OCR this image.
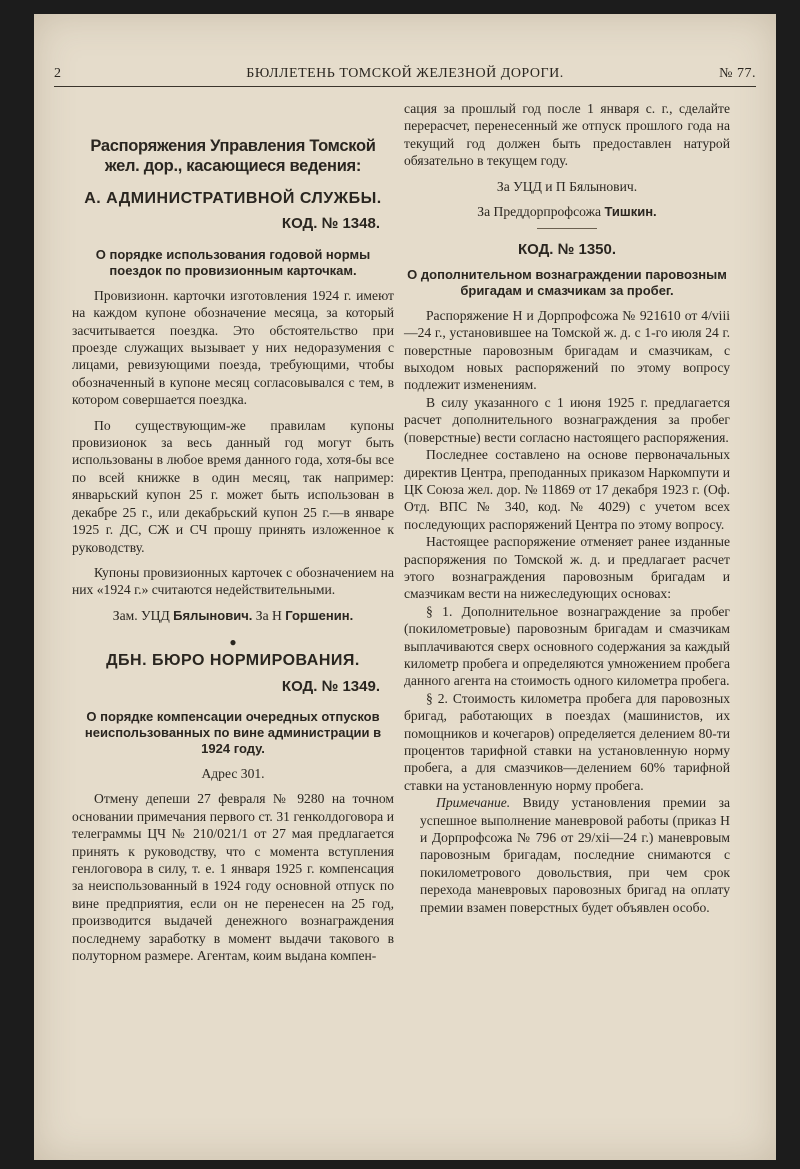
2	БЮЛЛЕТЕНЬ ТОМСКОЙ ЖЕЛЕЗНОЙ ДОРОГИ.	№ 77.
Распоряжения Управления Томской жел. дор., касающиеся ведения:
А. АДМИНИСТРАТИВНОЙ СЛУЖБЫ.
КОД. № 1348.
О порядке использования годовой нормы поездок по провизионным карточкам.

Провизионн. карточки изготовления 1924 г. имеют на каждом купоне обозначение месяца, за который засчитывается поездка. Это обстоятельство при проезде служащих вызывает у них недоразумения с лицами, ревизующими поезда, требующими, чтобы обозначенный в купоне месяц согласовывался с тем, в котором совершается поездка.

По существующим-же правилам купоны провизионок за весь данный год могут быть использованы в любое время данного года, хотя-бы все по всей книжке в один месяц, так например: январьский купон 25 г. может быть использован в декабре 25 г., или декабрьский купон 25 г.—в январе 1925 г. ДС, СЖ и СЧ прошу принять изложенное к руководству.

Купоны провизионных карточек с обозначением на них «1924 г.» считаются недействительными.

Зам. УЦД Бялынович. За Н Горшенин.
●
ДБН. БЮРО НОРМИРОВАНИЯ.
КОД. № 1349.
О порядке компенсации очередных отпусков неиспользованных по вине администрации в 1924 году.
Адрес 301.

Отмену депеши 27 февраля № 9280 на точном основании примечания первого ст. 31 генколдоговора и телеграммы ЦЧ № 210/021/1 от 27 мая предлагается принять к руководству, что с момента вступления генлоговора в силу, т. е. 1 января 1925 г. компенсация за неиспользованный в 1924 году основной отпуск по вине предприятия, если он не перенесен на 25 год, производится выдачей денежного вознаграждения последнему заработку в момент выдачи такового в полуторном размере. Агентам, коим выдана компен-

сация за прошлый год после 1 января с. г., сделайте перерасчет, перенесенный же отпуск прошлого года на текущий год должен быть предоставлен натурой обязательно в текущем году.

За УЦД и П Бялынович.
За Преддорпрофсожа Тишкин.
КОД. № 1350.
О дополнительном вознаграждении паровозным бригадам и смазчикам за пробег.

Распоряжение Н и Дорпрофсожа № 921610 от 4/viii—24 г., установившее на Томской ж. д. с 1-го июля 24 г. поверстные паровозным бригадам и смазчикам, с выходом новых распоряжений по этому вопросу подлежит изменениям.

В силу указанного с 1 июня 1925 г. предлагается расчет дополнительного вознаграждения за пробег (поверстные) вести согласно настоящего распоряжения.

Последнее составлено на основе первоначальных директив Центра, преподанных приказом Наркомпути и ЦК Союза жел. дор. № 11869 от 17 декабря 1923 г. (Оф. Отд. ВПС № 340, код. № 4029) с учетом всех последующих распоряжений Центра по этому вопросу.

Настоящее распоряжение отменяет ранее изданные распоряжения по Томской ж. д. и предлагает расчет этого вознаграждения паровозным бригадам и смазчикам вести на нижеследующих основах:

§ 1. Дополнительное вознаграждение за пробег (покилометровые) паровозным бригадам и смазчикам выплачиваются сверх основного содержания за каждый километр пробега и определяются умножением пробега данного агента на стоимость одного километра пробега.

§ 2. Стоимость километра пробега для паровозных бригад, работающих в поездах (машинистов, их помощников и кочегаров) определяется делением 80-ти процентов тарифной ставки на установленную норму пробега, а для смазчиков—делением 60% тарифной ставки на установленную норму пробега.

Примечание. Ввиду установления премии за успешное выполнение маневровой работы (приказ Н и Дорпрофсожа № 796 от 29/xii—24 г.) маневровым паровозным бригадам, последние снимаются с покилометрового довольствия, при чем срок перехода маневровых паровозных бригад на оплату премии взамен поверстных будет объявлен особо.
